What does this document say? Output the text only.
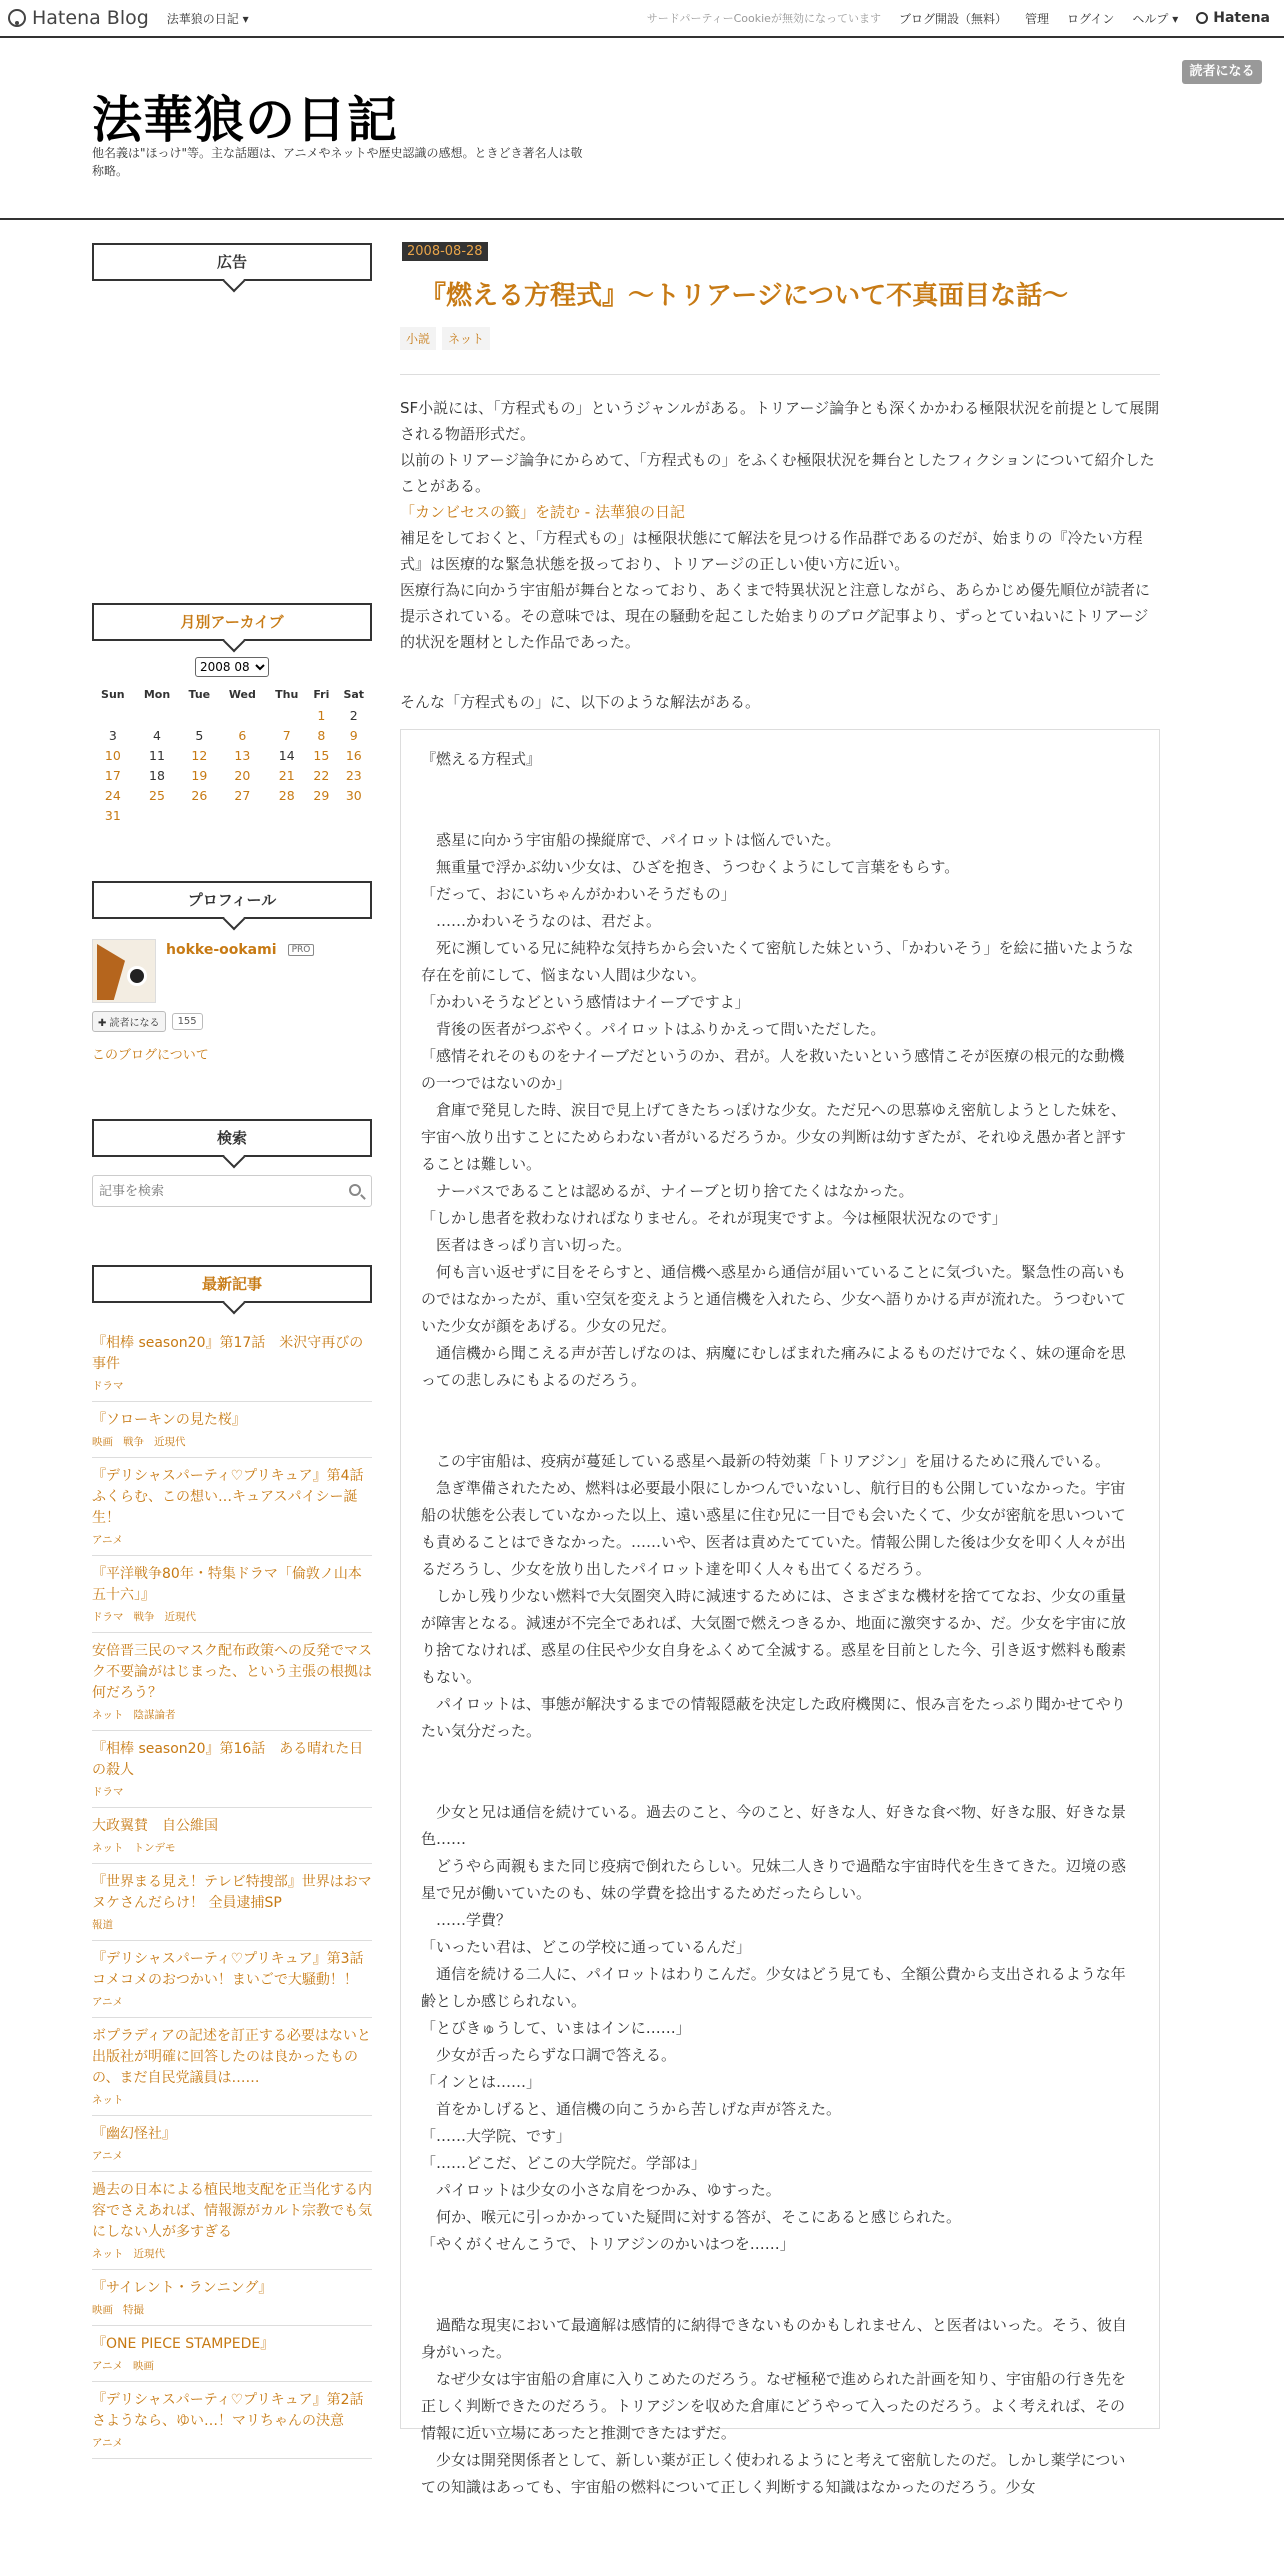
Hatena Blog 法華狼の日記 ▾	サードパーティーCookieが無効になっています ブログ開設（無料） 管理 ログイン ヘルプ ▾	Hatena
法華狼の日記
他名義は"ほっけ"等。主な話題は、アニメやネットや歴史認識の感想。ときどき著名人は敬称略。
読者になる
広告
月別アーカイブ
2008 08 ▾
Sun	Mon	Tue	Wed	Thu	Fri	Sat
					1	2
3	4	5	6	7	8	9
10	11	12	13	14	15	16
17	18	19	20	21	22	23
24	25	26	27	28	29	30
31						
プロフィール
hokke-ookami PRO
✚ 読者になる	155
このブログについて
検索
記事を検索
最新記事
『相棒 season20』第17話　米沢守再びの事件
ドラマ
『ソローキンの見た桜』
映画 戦争 近現代
『デリシャスパーティ♡プリキュア』第4話　ふくらむ、この想い…キュアスパイシー誕生！
アニメ
『平洋戦争80年・特集ドラマ「倫敦ノ山本五十六」』
ドラマ 戦争 近現代
安倍晋三民のマスク配布政策への反発でマスク不要論がはじまった、という主張の根拠は何だろう？
ネット 陰謀論者
『相棒 season20』第16話　ある晴れた日の殺人
ドラマ
大政翼賛　自公維国
ネット トンデモ
『世界まる見え！テレビ特捜部』世界はおマヌケさんだらけ！ 全員逮捕SP
報道
『デリシャスパーティ♡プリキュア』第3話　コメコメのおつかい！まいごで大騒動！！
アニメ
ボプラディアの記述を訂正する必要はないと出版社が明確に回答したのは良かったものの、まだ自民党議員は……
ネット
『幽幻怪社』
アニメ
過去の日本による植民地支配を正当化する内容でさえあれば、情報源がカルト宗教でも気にしない人が多すぎる
ネット 近現代
『サイレント・ランニング』
映画 特撮
『ONE PIECE STAMPEDE』
アニメ 映画
『デリシャスパーティ♡プリキュア』第2話　さようなら、ゆい…！マリちゃんの決意
アニメ
2008-08-28
『燃える方程式』〜トリアージについて不真面目な話〜
小説	ネット

SF小説には、「方程式もの」というジャンルがある。トリアージ論争とも深くかかわる極限状況を前提として展開される物語形式だ。

以前のトリアージ論争にからめて、「方程式もの」をふくむ極限状況を舞台としたフィクションについて紹介したことがある。

「カンビセスの籤」を読む - 法華狼の日記

補足をしておくと、「方程式もの」は極限状態にて解法を見つける作品群であるのだが、始まりの『冷たい方程式』は医療的な緊急状態を扱っており、トリアージの正しい使い方に近い。

医療行為に向かう宇宙船が舞台となっており、あくまで特異状況と注意しながら、あらかじめ優先順位が読者に提示されている。その意味では、現在の騒動を起こした始まりのブログ記事より、ずっとていねいにトリアージ的状況を題材とした作品であった。

そんな「方程式もの」に、以下のような解法がある。

『燃える方程式』

　惑星に向かう宇宙船の操縦席で、パイロットは悩んでいた。

　無重量で浮かぶ幼い少女は、ひざを抱き、うつむくようにして言葉をもらす。

「だって、おにいちゃんがかわいそうだもの」

　……かわいそうなのは、君だよ。

　死に瀕している兄に純粋な気持ちから会いたくて密航した妹という、「かわいそう」を絵に描いたような存在を前にして、悩まない人間は少ない。

「かわいそうなどという感情はナイーブですよ」

　背後の医者がつぶやく。パイロットはふりかえって問いただした。

「感情それそのものをナイーブだというのか、君が。人を救いたいという感情こそが医療の根元的な動機の一つではないのか」

　倉庫で発見した時、涙目で見上げてきたちっぽけな少女。ただ兄への思慕ゆえ密航しようとした妹を、宇宙へ放り出すことにためらわない者がいるだろうか。少女の判断は幼すぎたが、それゆえ愚か者と評することは難しい。

　ナーバスであることは認めるが、ナイーブと切り捨てたくはなかった。

「しかし患者を救わなければなりません。それが現実ですよ。今は極限状況なのです」

　医者はきっぱり言い切った。

　何も言い返せずに目をそらすと、通信機へ惑星から通信が届いていることに気づいた。緊急性の高いものではなかったが、重い空気を変えようと通信機を入れたら、少女へ語りかける声が流れた。うつむいていた少女が顔をあげる。少女の兄だ。

　通信機から聞こえる声が苦しげなのは、病魔にむしばまれた痛みによるものだけでなく、妹の運命を思っての悲しみにもよるのだろう。

　この宇宙船は、疫病が蔓延している惑星へ最新の特効薬「トリアジン」を届けるために飛んでいる。

　急ぎ準備されたため、燃料は必要最小限にしかつんでいないし、航行目的も公開していなかった。宇宙船の状態を公表していなかった以上、遠い惑星に住む兄に一目でも会いたくて、少女が密航を思いついても責めることはできなかった。……いや、医者は責めたてていた。情報公開した後は少女を叩く人々が出るだろうし、少女を放り出したパイロット達を叩く人々も出てくるだろう。

　しかし残り少ない燃料で大気圏突入時に減速するためには、さまざまな機材を捨ててなお、少女の重量が障害となる。減速が不完全であれば、大気圏で燃えつきるか、地面に激突するか、だ。少女を宇宙に放り捨てなければ、惑星の住民や少女自身をふくめて全滅する。惑星を目前とした今、引き返す燃料も酸素もない。

　パイロットは、事態が解決するまでの情報隠蔽を決定した政府機関に、恨み言をたっぷり聞かせてやりたい気分だった。

　少女と兄は通信を続けている。過去のこと、今のこと、好きな人、好きな食べ物、好きな服、好きな景色……

　どうやら両親もまた同じ疫病で倒れたらしい。兄妹二人きりで過酷な宇宙時代を生きてきた。辺境の惑星で兄が働いていたのも、妹の学費を捻出するためだったらしい。

　……学費？

「いったい君は、どこの学校に通っているんだ」

　通信を続ける二人に、パイロットはわりこんだ。少女はどう見ても、全額公費から支出されるような年齢としか感じられない。

「とびきゅうして、いまはインに……」

　少女が舌ったらずな口調で答える。

「インとは……」

　首をかしげると、通信機の向こうから苦しげな声が答えた。

「……大学院、です」

「……どこだ、どこの大学院だ。学部は」

　パイロットは少女の小さな肩をつかみ、ゆすった。

　何か、喉元に引っかかっていた疑問に対する答が、そこにあると感じられた。

「やくがくせんこうで、トリアジンのかいはつを……」

　過酷な現実において最適解は感情的に納得できないものかもしれません、と医者はいった。そう、彼自身がいった。

　なぜ少女は宇宙船の倉庫に入りこめたのだろう。なぜ極秘で進められた計画を知り、宇宙船の行き先を正しく判断できたのだろう。トリアジンを収めた倉庫にどうやって入ったのだろう。よく考えれば、その情報に近い立場にあったと推測できたはずだ。

　少女は開発関係者として、新しい薬が正しく使われるようにと考えて密航したのだ。しかし薬学についての知識はあっても、宇宙船の燃料について正しく判断する知識はなかったのだろう。少女
